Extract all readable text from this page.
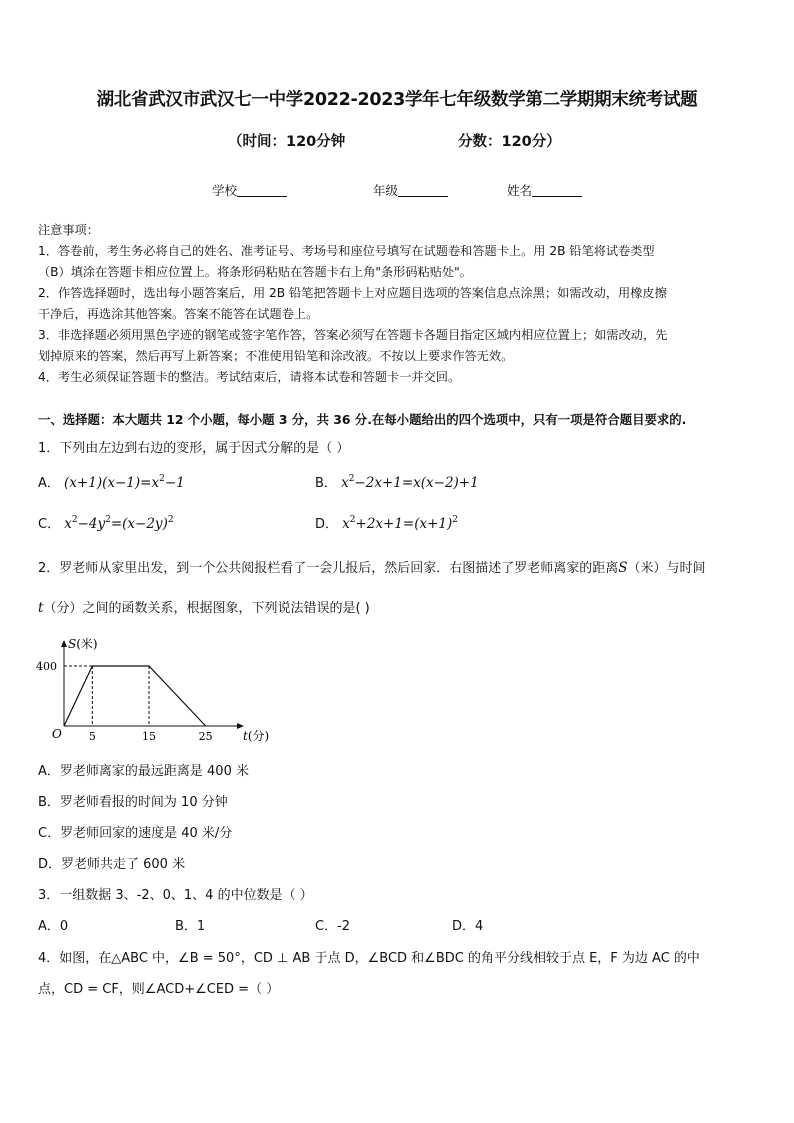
湖北省武汉市武汉七一中学2022-2023学年七年级数学第二学期期末统考试题
（时间：120分钟	分数：120分）
学校	年级	姓名
注意事项：
1．答卷前，考生务必将自己的姓名、准考证号、考场号和座位号填写在试题卷和答题卡上。用 2B 铅笔将试卷类型
（B）填涂在答题卡相应位置上。将条形码粘贴在答题卡右上角"条形码粘贴处"。
2．作答选择题时，选出每小题答案后，用 2B 铅笔把答题卡上对应题目选项的答案信息点涂黑；如需改动，用橡皮擦
干净后，再选涂其他答案。答案不能答在试题卷上。
3．非选择题必须用黑色字迹的钢笔或签字笔作答，答案必须写在答题卡各题目指定区域内相应位置上；如需改动，先
划掉原来的答案，然后再写上新答案；不准使用铅笔和涂改液。不按以上要求作答无效。
4．考生必须保证答题卡的整洁。考试结束后，请将本试卷和答题卡一并交回。
一、选择题：本大题共 12 个小题，每小题 3 分，共 36 分.在每小题给出的四个选项中，只有一项是符合题目要求的.
1．下列由左边到右边的变形，属于因式分解的是（ ）
A． $(x+1)(x-1)=x^2-1$	B． $x^2-2x+1=x(x-2)+1$
C． $x^2-4y^2=(x-2y)^2$	D． $x^2+2x+1=(x+1)^2$
2．罗老师从家里出发，到一个公共阅报栏看了一会儿报后，然后回家．右图描述了罗老师离家的距离S（米）与时间
t（分）之间的函数关系，根据图象，下列说法错误的是( )
5	15	25
400
O
S(米)
t(分)
A．罗老师离家的最远距离是 400 米
B．罗老师看报的时间为 10 分钟
C．罗老师回家的速度是 40 米/分
D．罗老师共走了 600 米
3．一组数据 3、-2、0、1、4 的中位数是（ ）
A．0	B．1	C．-2	D．4
4．如图，在△ABC 中，∠B = 50°，CD ⊥ AB 于点 D，∠BCD 和∠BDC 的角平分线相较于点 E，F 为边 AC 的中
点，CD = CF，则∠ACD+∠CED =（ ）
